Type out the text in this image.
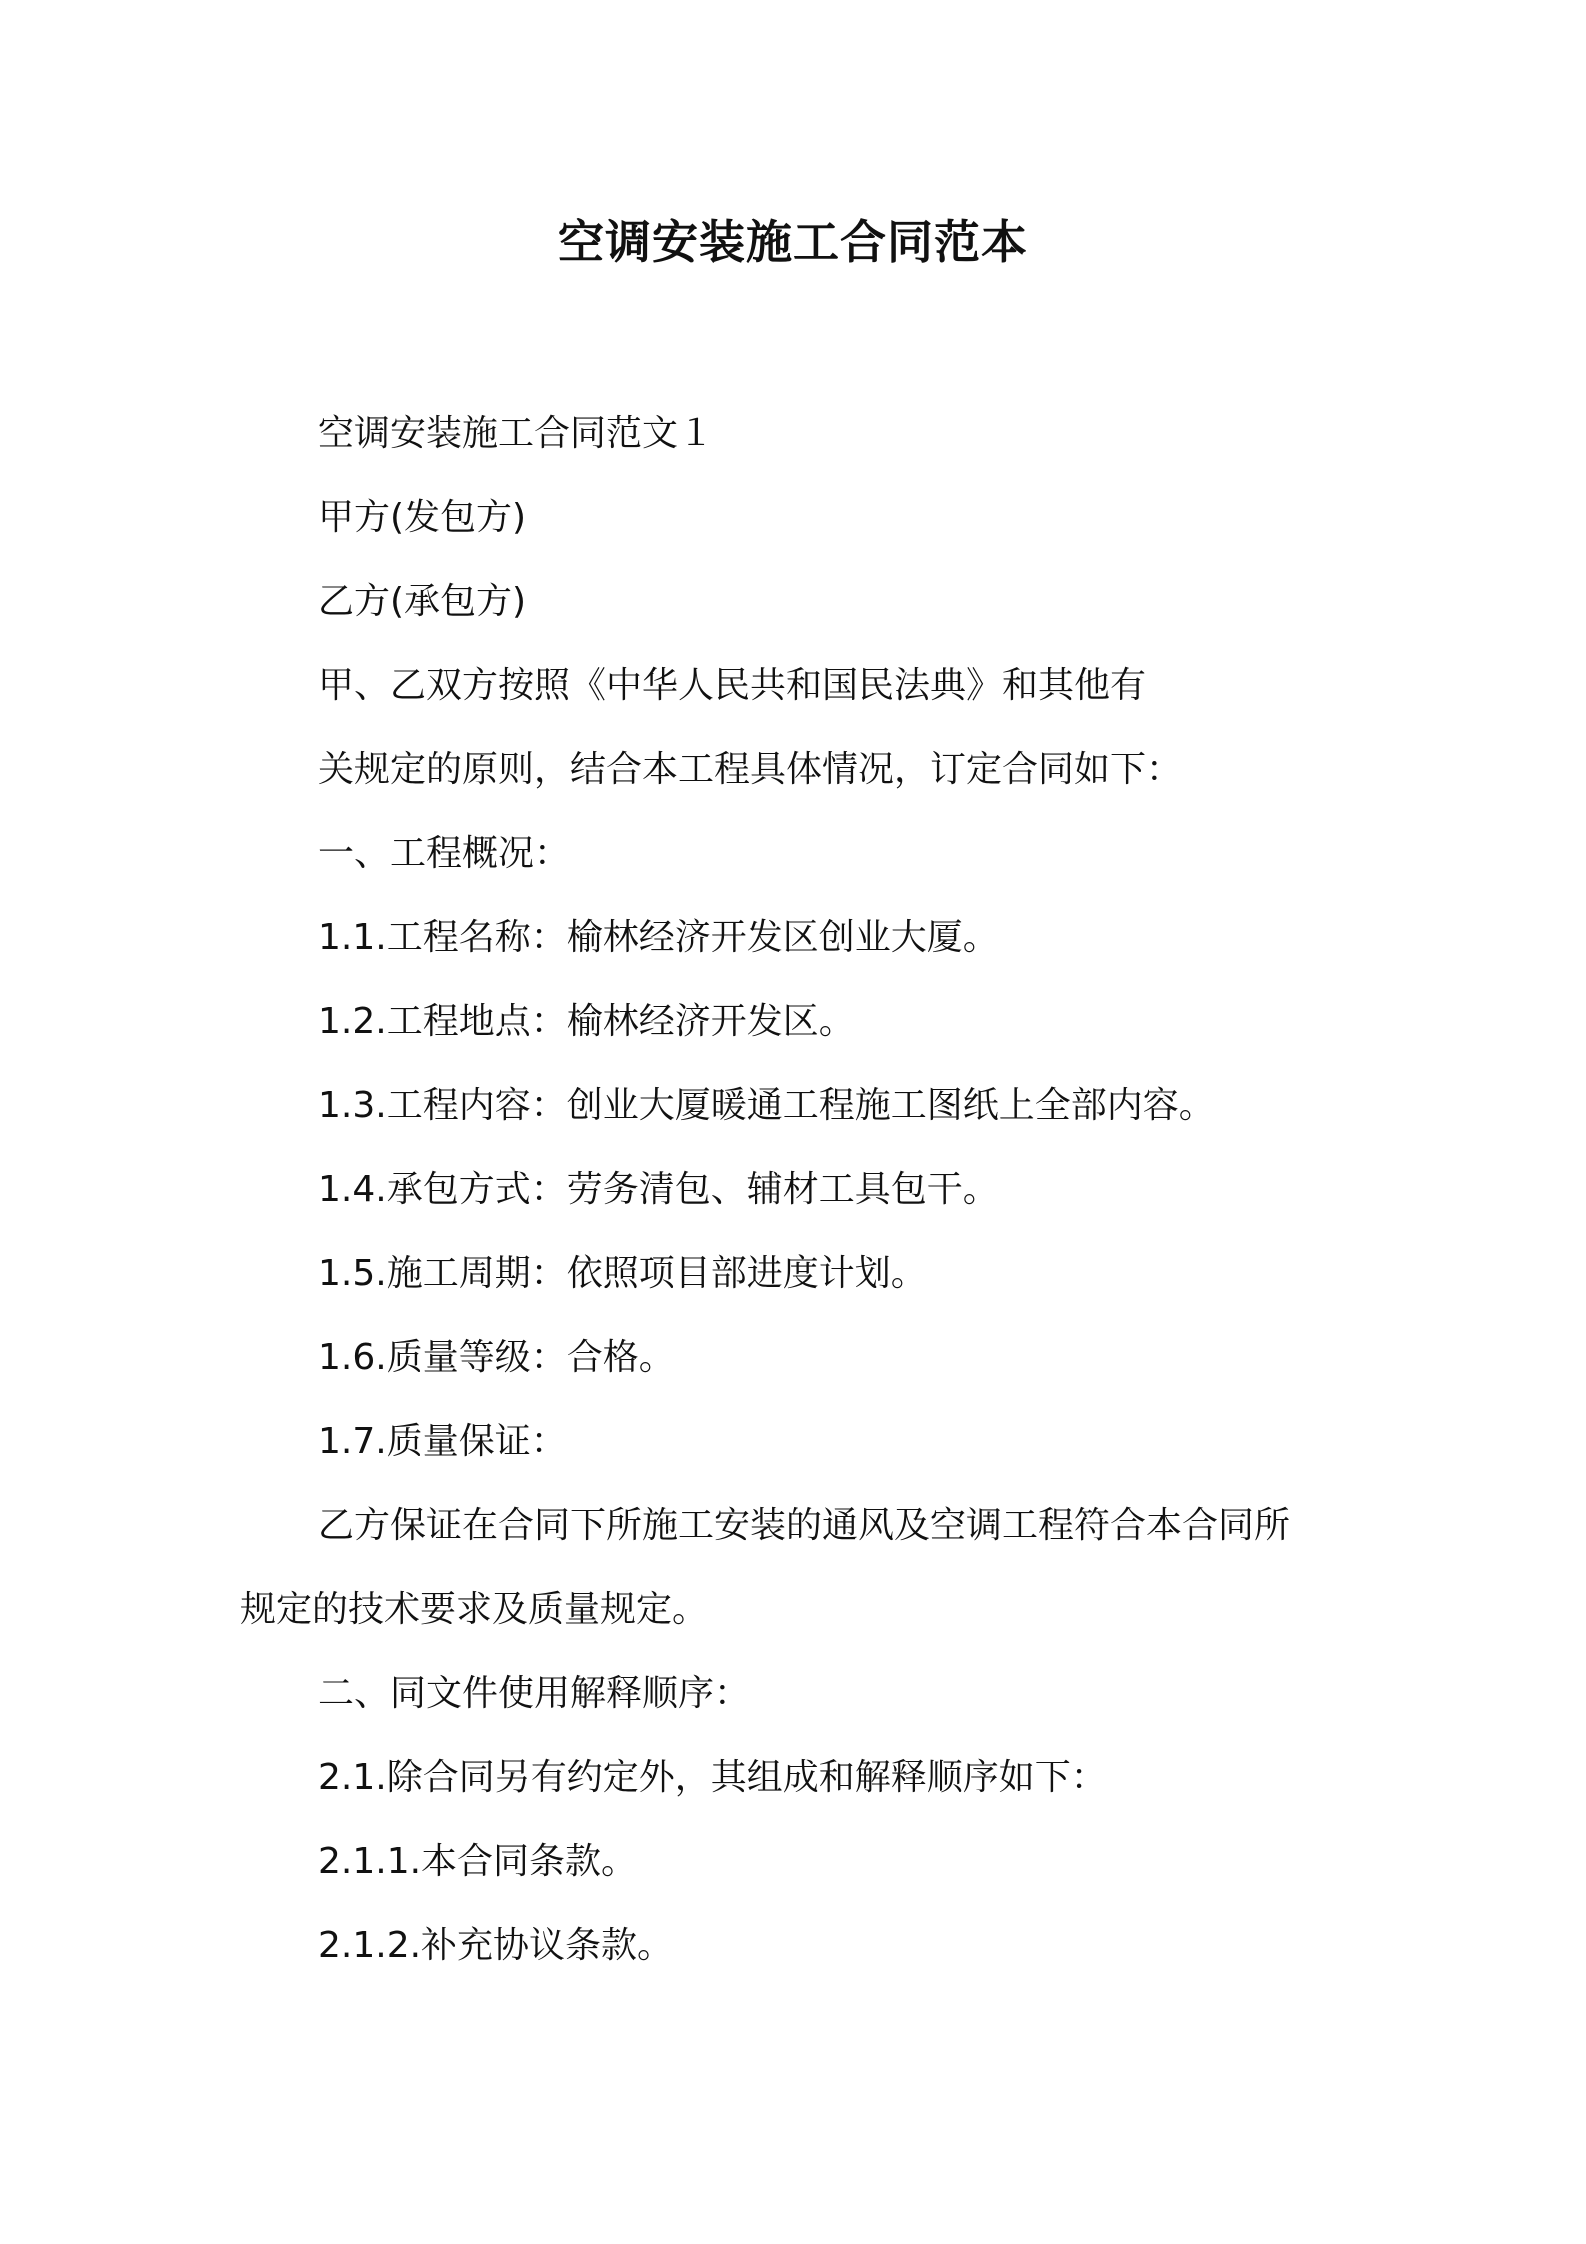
空调安装施工合同范本
空调安装施工合同范文１
甲方(发包方)
乙方(承包方)
甲、乙双方按照《中华人民共和国民法典》和其他有
关规定的原则，结合本工程具体情况，订定合同如下：
一、工程概况：
1.1.工程名称：榆林经济开发区创业大厦。
1.2.工程地点：榆林经济开发区。
1.3.工程内容：创业大厦暖通工程施工图纸上全部内容。
1.4.承包方式：劳务清包、辅材工具包干。
1.5.施工周期：依照项目部进度计划。
1.6.质量等级：合格。
1.7.质量保证：
乙方保证在合同下所施工安装的通风及空调工程符合本合同所
规定的技术要求及质量规定。
二、同文件使用解释顺序：
2.1.除合同另有约定外，其组成和解释顺序如下：
2.1.1.本合同条款。
2.1.2.补充协议条款。
